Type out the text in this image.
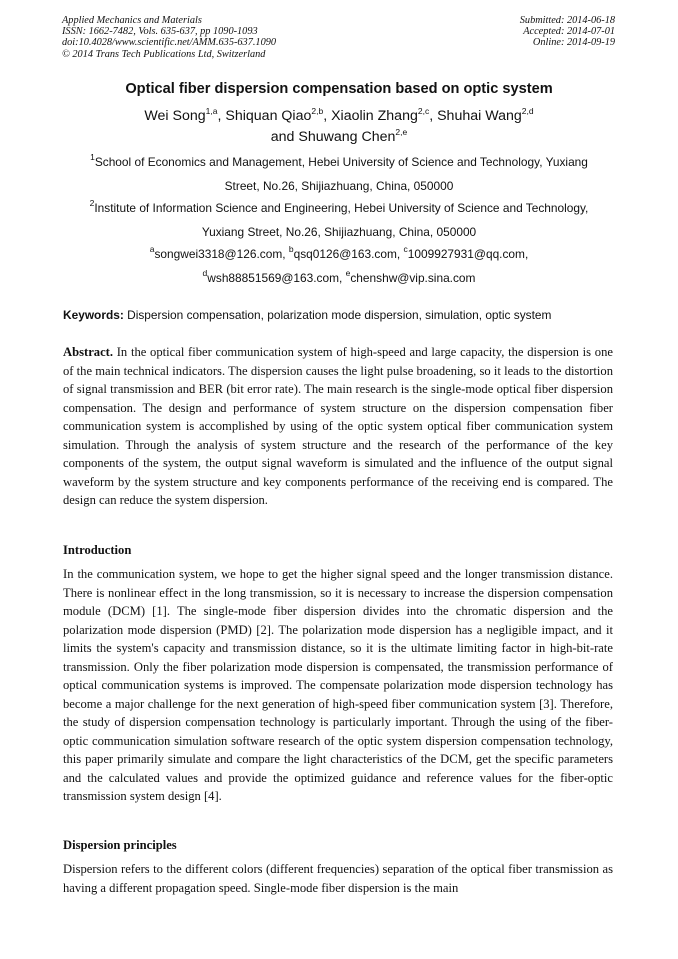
Applied Mechanics and Materials
ISSN: 1662-7482, Vols. 635-637, pp 1090-1093
doi:10.4028/www.scientific.net/AMM.635-637.1090
© 2014 Trans Tech Publications Ltd, Switzerland
Submitted: 2014-06-18
Accepted: 2014-07-01
Online: 2014-09-19
Optical fiber dispersion compensation based on optic system
Wei Song$^{1,a}$, Shiquan Qiao$^{2,b}$, Xiaolin Zhang$^{2,c}$, Shuhai Wang$^{2,d}$
and Shuwang Chen$^{2,e}$
$^1$School of Economics and Management, Hebei University of Science and Technology, Yuxiang
Street, No.26, Shijiazhuang, China, 050000
$^2$Institute of Information Science and Engineering, Hebei University of Science and Technology,
Yuxiang Street, No.26, Shijiazhuang, China, 050000
$^a$songwei3318@126.com, $^b$qsq0126@163.com, $^c$1009927931@qq.com,
$^d$wsh88851569@163.com, $^e$chenshw@vip.sina.com
Keywords: Dispersion compensation, polarization mode dispersion, simulation, optic system
Abstract. In the optical fiber communication system of high-speed and large capacity, the dispersion is one of the main technical indicators. The dispersion causes the light pulse broadening, so it leads to the distortion of signal transmission and BER (bit error rate). The main research is the single-mode optical fiber dispersion compensation. The design and performance of system structure on the dispersion compensation fiber communication system is accomplished by using of the optic system optical fiber communication system simulation. Through the analysis of system structure and the research of the performance of the key components of the system, the output signal waveform is simulated and the influence of the output signal waveform by the system structure and key components performance of the receiving end is compared. The design can reduce the system dispersion.
Introduction
In the communication system, we hope to get the higher signal speed and the longer transmission distance. There is nonlinear effect in the long transmission, so it is necessary to increase the dispersion compensation module (DCM) [1]. The single-mode fiber dispersion divides into the chromatic dispersion and the polarization mode dispersion (PMD) [2]. The polarization mode dispersion has a negligible impact, and it limits the system's capacity and transmission distance, so it is the ultimate limiting factor in high-bit-rate transmission. Only the fiber polarization mode dispersion is compensated, the transmission performance of optical communication systems is improved. The compensate polarization mode dispersion technology has become a major challenge for the next generation of high-speed fiber communication system [3]. Therefore, the study of dispersion compensation technology is particularly important. Through the using of the fiber-optic communication simulation software research of the optic system dispersion compensation technology, this paper primarily simulate and compare the light characteristics of the DCM, get the specific parameters and the calculated values and provide the optimized guidance and reference values for the fiber-optic transmission system design [4].
Dispersion principles
Dispersion refers to the different colors (different frequencies) separation of the optical fiber transmission as having a different propagation speed. Single-mode fiber dispersion is the main
